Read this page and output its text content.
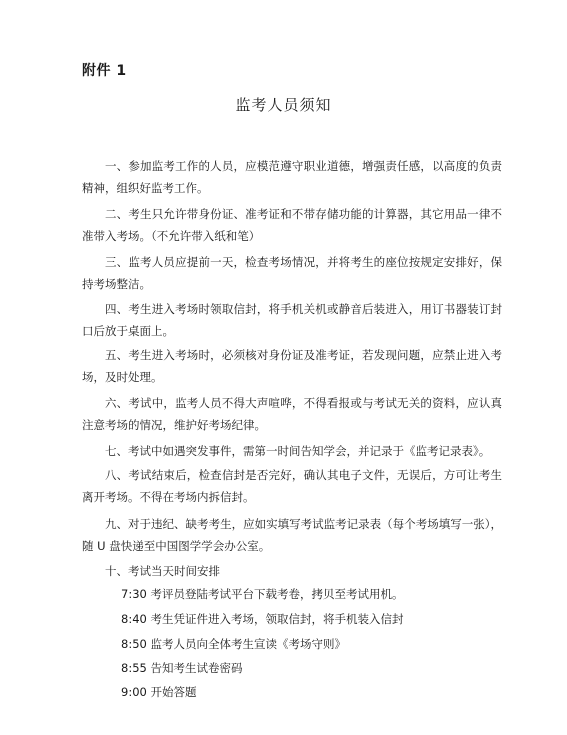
附件 1
监考人员须知

一、参加监考工作的人员，应模范遵守职业道德，增强责任感，以高度的负责精神，组织好监考工作。

二、考生只允许带身份证、准考证和不带存储功能的计算器，其它用品一律不准带入考场。（不允许带入纸和笔）

三、监考人员应提前一天，检查考场情况，并将考生的座位按规定安排好，保持考场整洁。

四、考生进入考场时领取信封，将手机关机或静音后装进入，用订书器装订封口后放于桌面上。

五、考生进入考场时，必须核对身份证及准考证，若发现问题，应禁止进入考场，及时处理。

六、考试中，监考人员不得大声喧哗，不得看报或与考试无关的资料，应认真注意考场的情况，维护好考场纪律。

七、考试中如遇突发事件，需第一时间告知学会，并记录于《监考记录表》。

八、考试结束后，检查信封是否完好，确认其电子文件，无误后，方可让考生离开考场。不得在考场内拆信封。

九、对于违纪、缺考考生，应如实填写考试监考记录表（每个考场填写一张），随 U 盘快递至中国图学学会办公室。

十、考试当天时间安排

7:30 考评员登陆考试平台下载考卷，拷贝至考试用机。

8:40 考生凭证件进入考场，领取信封，将手机装入信封

8:50 监考人员向全体考生宣读《考场守则》

8:55 告知考生试卷密码

9:00 开始答题
